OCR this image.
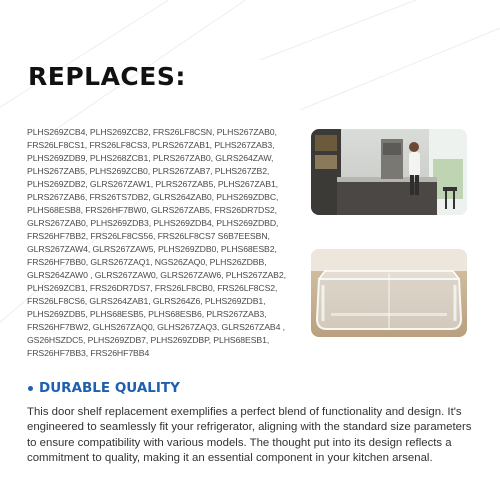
REPLACES:
PLHS269ZCB4, PLHS269ZCB2, FRS26LF8CSN, PLHS267ZAB0, FRS26LF8CS1, FRS26LF8CS3, PLRS267ZAB1, PLHS267ZAB3, PLHS269ZDB9, PLHS268ZCB1, PLRS267ZAB0, GLRS264ZAW, PLHS267ZAB5, PLHS269ZCB0, PLRS267ZAB7, PLHS267ZB2, PLHS269ZDB2, GLRS267ZAW1, PLRS267ZAB5, PLHS267ZAB1, PLRS267ZAB6, FRS26TS7DB2, GLRS264ZAB0, PLHS269ZDBC, PLHS68ESB8, FRS26HF7BW0, GLRS267ZAB5, FRS26DR7DS2, GLRS267ZAB0, PLHS269ZDB3, PLHS269ZDB4, PLHS269ZDBD, FRS26HF7BB2, FRS26LF8CS56, FRS26LF8CS7 S6B7EESBN, GLRS267ZAW4, GLRS267ZAW5, PLHS269ZDB0, PLHS68ESB2, FRS26HF7BB0, GLRS267ZAQ1, NGS26ZAQ0, PLHS26ZDBB, GLRS264ZAW0 , GLRS267ZAW0, GLRS267ZAW6, PLHS267ZAB2, PLHS269ZCB1, FRS26DR7DS7, FRS26LF8CB0, FRS26LF8CS2, FRS26LF8CS6, GLRS264ZAB1, GLRS264Z6, PLHS269ZDB1, PLHS269ZDB5, PLHS68ESB5, PLHS68ESB6, PLRS267ZAB3, FRS26HF7BW2, GLHS267ZAQ0, GLHS267ZAQ3, GLRS267ZAB4 , GS26HSZDC5, PLHS269ZDB7, PLHS269ZDBP, PLHS68ESB1, FRS26HF7BB3, FRS26HF7BB4
DURABLE QUALITY
This door shelf replacement exemplifies a perfect blend of functionality and design. It's engineered to seamlessly fit your refrigerator, aligning with the standard size parameters to ensure compatibility with various models. The thought put into its design reflects a commitment to quality, making it an essential component in your kitchen arsenal.
